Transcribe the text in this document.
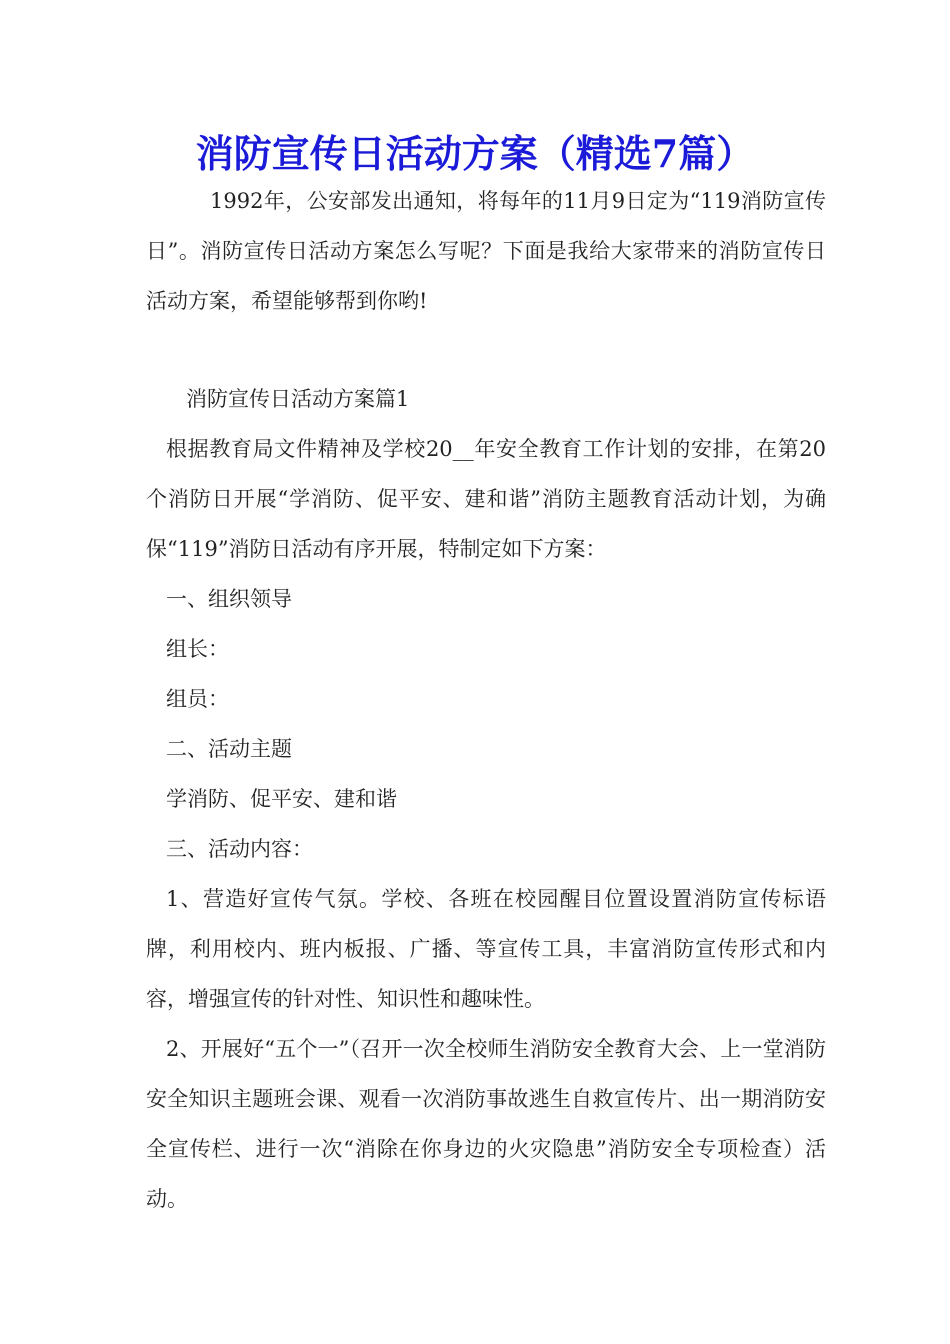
消防宣传日活动方案（精选7篇）

1992年，公安部发出通知，将每年的11月9日定为“119消防宣传日”。消防宣传日活动方案怎么写呢？下面是我给大家带来的消防宣传日活动方案，希望能够帮到你哟!

消防宣传日活动方案篇1

根据教育局文件精神及学校20__年安全教育工作计划的安排，在第20个消防日开展“学消防、促平安、建和谐”消防主题教育活动计划，为确保“119”消防日活动有序开展，特制定如下方案：

一、组织领导

组长：

组员：

二、活动主题

学消防、促平安、建和谐

三、活动内容：

1、营造好宣传气氛。学校、各班在校园醒目位置设置消防宣传标语牌，利用校内、班内板报、广播、等宣传工具，丰富消防宣传形式和内容，增强宣传的针对性、知识性和趣味性。

2、开展好“五个一”（召开一次全校师生消防安全教育大会、上一堂消防安全知识主题班会课、观看一次消防事故逃生自救宣传片、出一期消防安全宣传栏、进行一次“消除在你身边的火灾隐患”消防安全专项检查）活动。
